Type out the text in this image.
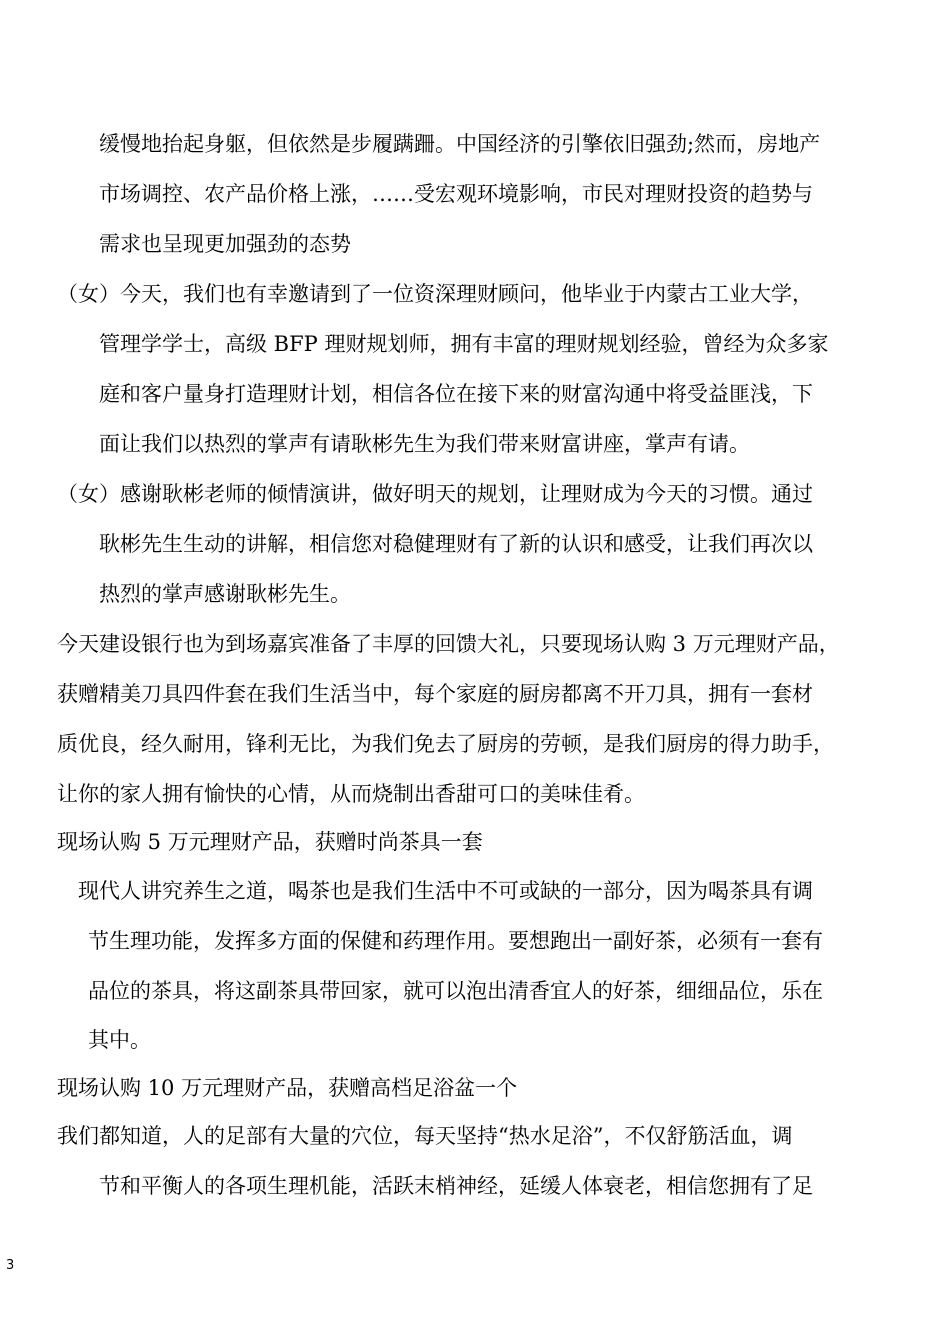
缓慢地抬起身躯，但依然是步履蹒跚。中国经济的引擎依旧强劲;然而，房地产
市场调控、农产品价格上涨，……受宏观环境影响，市民对理财投资的趋势与
需求也呈现更加强劲的态势
（女）今天，我们也有幸邀请到了一位资深理财顾问，他毕业于内蒙古工业大学，
管理学学士，高级 BFP 理财规划师，拥有丰富的理财规划经验，曾经为众多家
庭和客户量身打造理财计划，相信各位在接下来的财富沟通中将受益匪浅，下
面让我们以热烈的掌声有请耿彬先生为我们带来财富讲座，掌声有请。
（女）感谢耿彬老师的倾情演讲，做好明天的规划，让理财成为今天的习惯。通过
耿彬先生生动的讲解，相信您对稳健理财有了新的认识和感受，让我们再次以
热烈的掌声感谢耿彬先生。
今天建设银行也为到场嘉宾准备了丰厚的回馈大礼，只要现场认购 3 万元理财产品，
获赠精美刀具四件套在我们生活当中，每个家庭的厨房都离不开刀具，拥有一套材
质优良，经久耐用，锋利无比，为我们免去了厨房的劳顿，是我们厨房的得力助手，
让你的家人拥有愉快的心情，从而烧制出香甜可口的美味佳肴。
现场认购 5 万元理财产品，获赠时尚茶具一套
现代人讲究养生之道，喝茶也是我们生活中不可或缺的一部分，因为喝茶具有调
节生理功能，发挥多方面的保健和药理作用。要想跑出一副好茶，必须有一套有
品位的茶具，将这副茶具带回家，就可以泡出清香宜人的好茶，细细品位，乐在
其中。
现场认购 10 万元理财产品，获赠高档足浴盆一个
我们都知道，人的足部有大量的穴位，每天坚持“热水足浴”，不仅舒筋活血，调
节和平衡人的各项生理机能，活跃末梢神经，延缓人体衰老，相信您拥有了足
3
